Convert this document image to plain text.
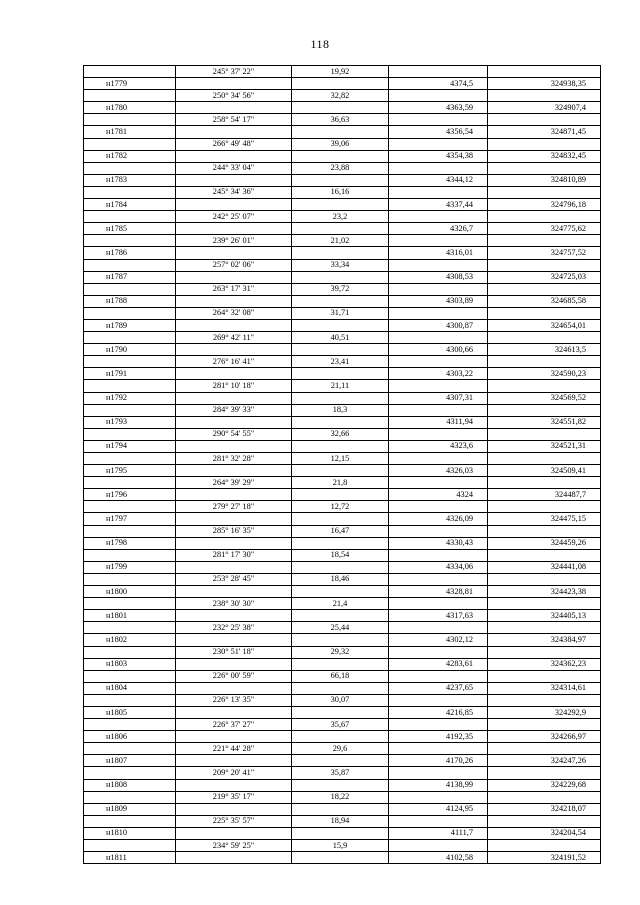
118
	245° 37' 22"	19,92		
н1779			4374,5	324938,35
	250° 34' 56"	32,82		
н1780			4363,59	324907,4
	258° 54' 17"	36,63		
н1781			4356,54	324871,45
	266° 49' 48"	39,06		
н1782			4354,38	324832,45
	244° 33' 04"	23,88		
н1783			4344,12	324810,89
	245° 34' 36"	16,16		
н1784			4337,44	324796,18
	242° 25' 07"	23,2		
н1785			4326,7	324775,62
	239° 26' 01"	21,02		
н1786			4316,01	324757,52
	257° 02' 06"	33,34		
н1787			4308,53	324725,03
	263° 17' 31"	39,72		
н1788			4303,89	324685,58
	264° 32' 08"	31,71		
н1789			4300,87	324654,01
	269° 42' 11"	40,51		
н1790			4300,66	324613,5
	276° 16' 41"	23,41		
н1791			4303,22	324590,23
	281° 10' 18"	21,11		
н1792			4307,31	324569,52
	284° 39' 33"	18,3		
н1793			4311,94	324551,82
	290° 54' 55"	32,66		
н1794			4323,6	324521,31
	281° 32' 28"	12,15		
н1795			4326,03	324509,41
	264° 39' 29"	21,8		
н1796			4324	324487,7
	279° 27' 18"	12,72		
н1797			4326,09	324475,15
	285° 16' 35"	16,47		
н1798			4330,43	324459,26
	281° 17' 30"	18,54		
н1799			4334,06	324441,08
	253° 28' 45"	18,46		
н1800			4328,81	324423,38
	238° 30' 30"	21,4		
н1801			4317,63	324405,13
	232° 25' 38"	25,44		
н1802			4302,12	324384,97
	230° 51' 18"	29,32		
н1803			4283,61	324362,23
	226° 00' 59"	66,18		
н1804			4237,65	324314,61
	226° 13' 35"	30,07		
н1805			4216,85	324292,9
	226° 37' 27"	35,67		
н1806			4192,35	324266,97
	221° 44' 28"	29,6		
н1807			4170,26	324247,26
	209° 20' 41"	35,87		
н1808			4138,99	324229,68
	219° 35' 17"	18,22		
н1809			4124,95	324218,07
	225° 35' 57"	18,94		
н1810			4111,7	324204,54
	234° 59' 25"	15,9		
н1811			4102,58	324191,52
